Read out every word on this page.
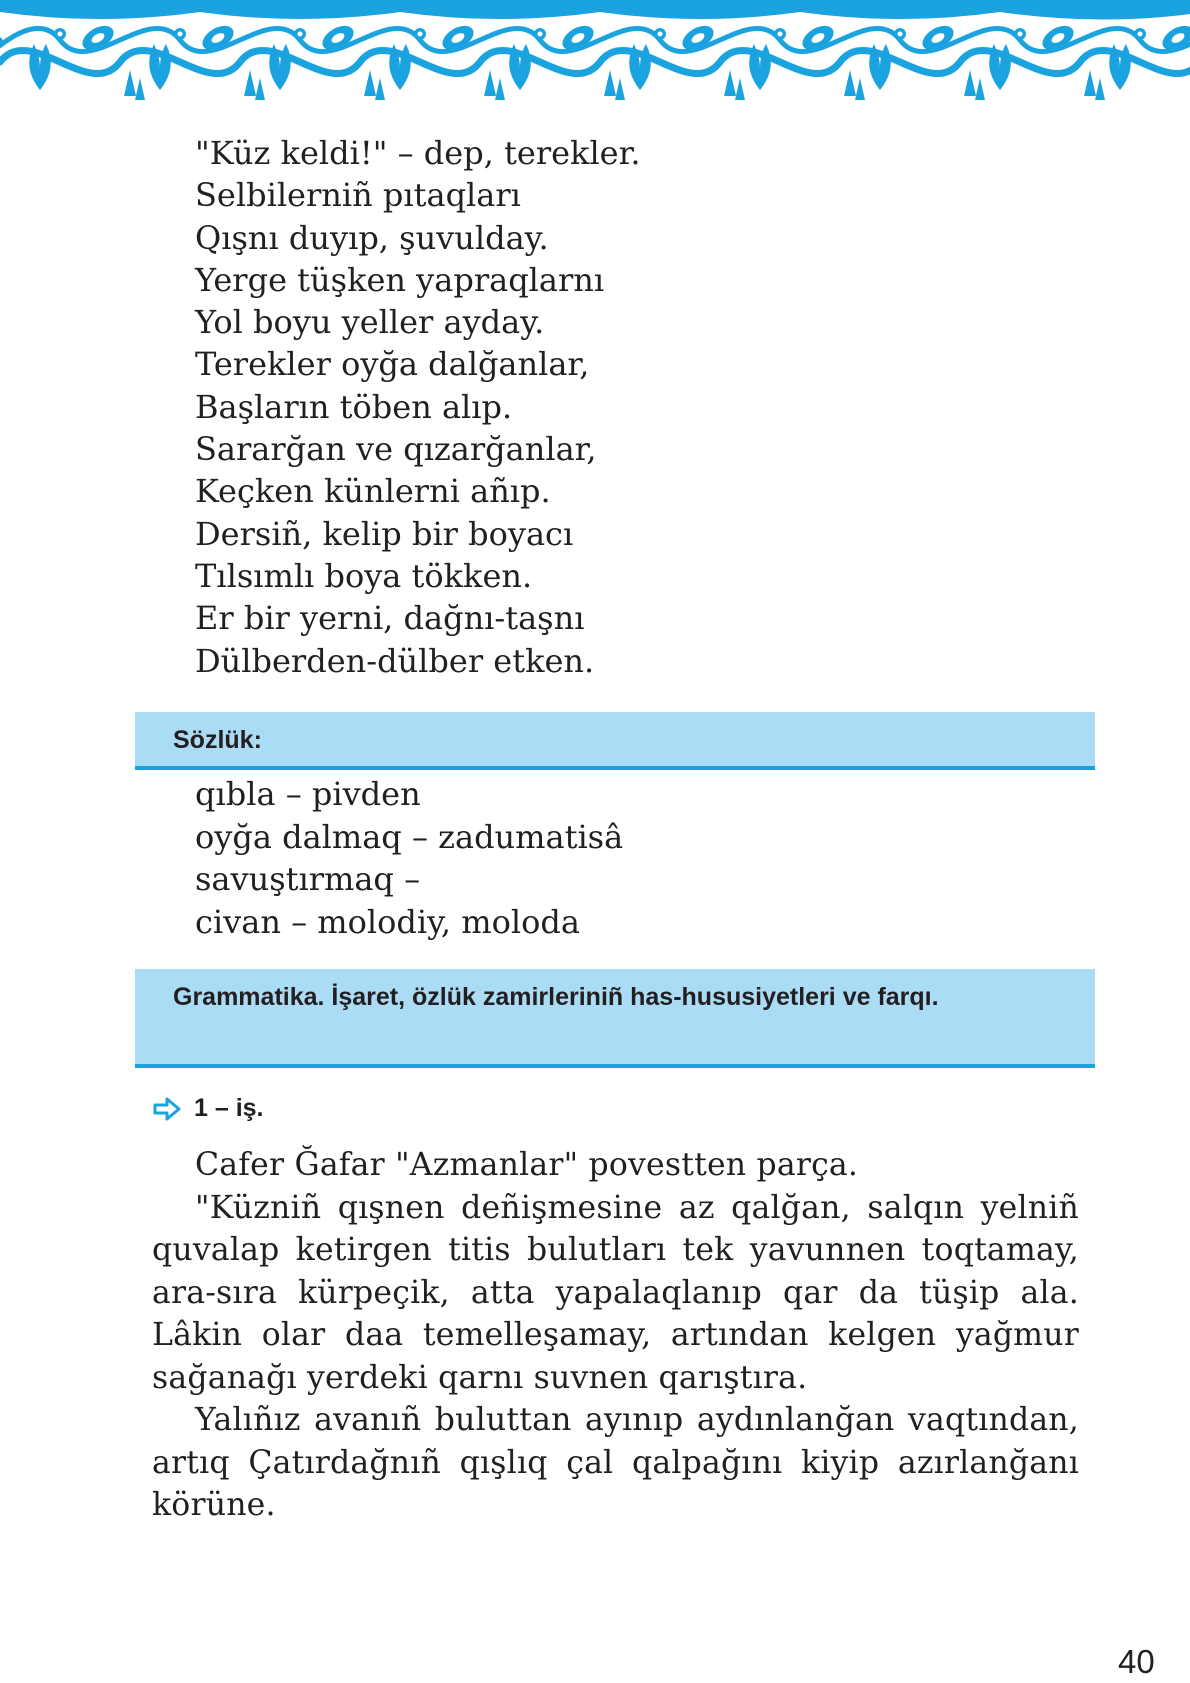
"Küz keldi!" – dep, terekler.

Selbilerniñ pıtaqları

Qışnı duyıp, şuvulday.

Yerge tüşken yapraqlarnı

Yol boyu yeller ayday.

Terekler oyğa dalğanlar,

Başların töben alıp.

Sararğan ve qızarğanlar,

Keçken künlerni añıp.

Dersiñ, kelip bir boyacı

Tılsımlı boya tökken.

Er bir yerni, dağnı-taşnı

Dülberden-dülber etken.

Sözlük:

qıbla – pivden

oyğa dalmaq – zadumatisâ

savuştırmaq –

civan – molodiy, moloda

Grammatika. İşaret, özlük zamirleriniñ has-hususiyetleri ve farqı.

1 – iş.

Cafer Ğafar "Azmanlar" povestten parça.

"Küzniñ qışnen deñişmesine az qalğan, salqın yelniñ quvalap ketirgen titis bulutları tek yavunnen toqtamay, ara-sıra kürpeçik, atta yapalaqlanıp qar da tüşip ala. Lâkin olar daa temelleşamay, artından kelgen yağmur sağanağı yerdeki qarnı suvnen qarıştıra.

Yalıñız avanıñ buluttan ayınıp aydınlanğan vaqtından, artıq Çatırdağnıñ qışlıq çal qalpağını kiyip azırlanğanı körüne.

40
